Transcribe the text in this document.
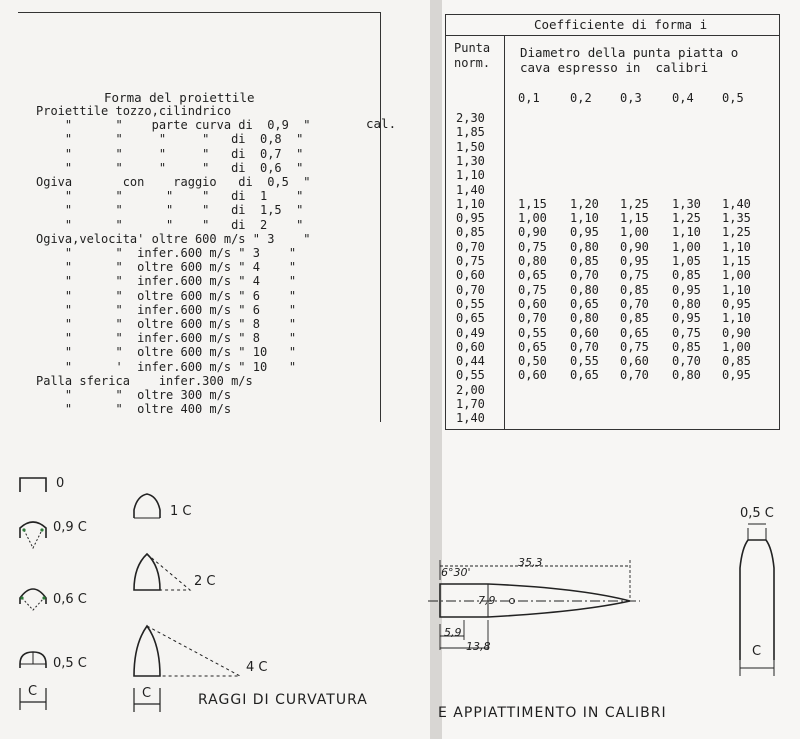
Forma del proiettile
cal.
Proiettile tozzo,cilindrico
"      "    parte curva di  0,9  "
"      "     "     "   di  0,8  "
"      "     "     "   di  0,7  "
"      "     "     "   di  0,6  "
Ogiva       con    raggio   di  0,5  "
"      "      "    "   di  1    "
"      "      "    "   di  1,5  "
"      "      "    "   di  2    "
Ogiva,velocita' oltre 600 m/s " 3    "
"      "  infer.600 m/s " 3    "
"      "  oltre 600 m/s " 4    "
"      "  infer.600 m/s " 4    "
"      "  oltre 600 m/s " 6    "
"      "  infer.600 m/s " 6    "
"      "  oltre 600 m/s " 8    "
"      "  infer.600 m/s " 8    "
"      "  oltre 600 m/s " 10   "
"      '  infer.600 m/s " 10   "
Palla sferica    infer.300 m/s
"      "  oltre 300 m/s
"      "  oltre 400 m/s
Coefficiente di forma i
Punta
norm.
Diametro della punta piatta o
cava espresso in  calibri
0,1	0,2 0,3	0,4 0,5
2,30
1,85
1,50
1,30
1,10
1,40
1,10	1,15 1,20 1,25 1,30 1,40
0,95	1,00 1,10 1,15 1,25 1,35
0,85	0,90 0,95 1,00 1,10 1,25
0,70	0,75 0,80 0,90 1,00 1,10
0,75	0,80 0,85 0,95 1,05 1,15
0,60	0,65 0,70 0,75 0,85 1,00
0,70	0,75 0,80 0,85 0,95 1,10
0,55	0,60 0,65 0,70 0,80 0,95
0,65	0,70 0,80 0,85 0,95 1,10
0,49	0,55 0,60 0,65 0,75 0,90
0,60	0,65 0,70 0,75 0,85 1,00
0,44	0,50 0,55 0,60 0,70 0,85
0,55	0,60 0,65 0,70 0,80 0,95
2,00
1,70
1,40
0
0,9 C
0,6 C
0,5 C
1 C
2 C
4 C
C	C
6°30'
35,3
7,9
5,9
13,8
0,5 C
C
RAGGI DI CURVATURA
E APPIATTIMENTO IN CALIBRI
